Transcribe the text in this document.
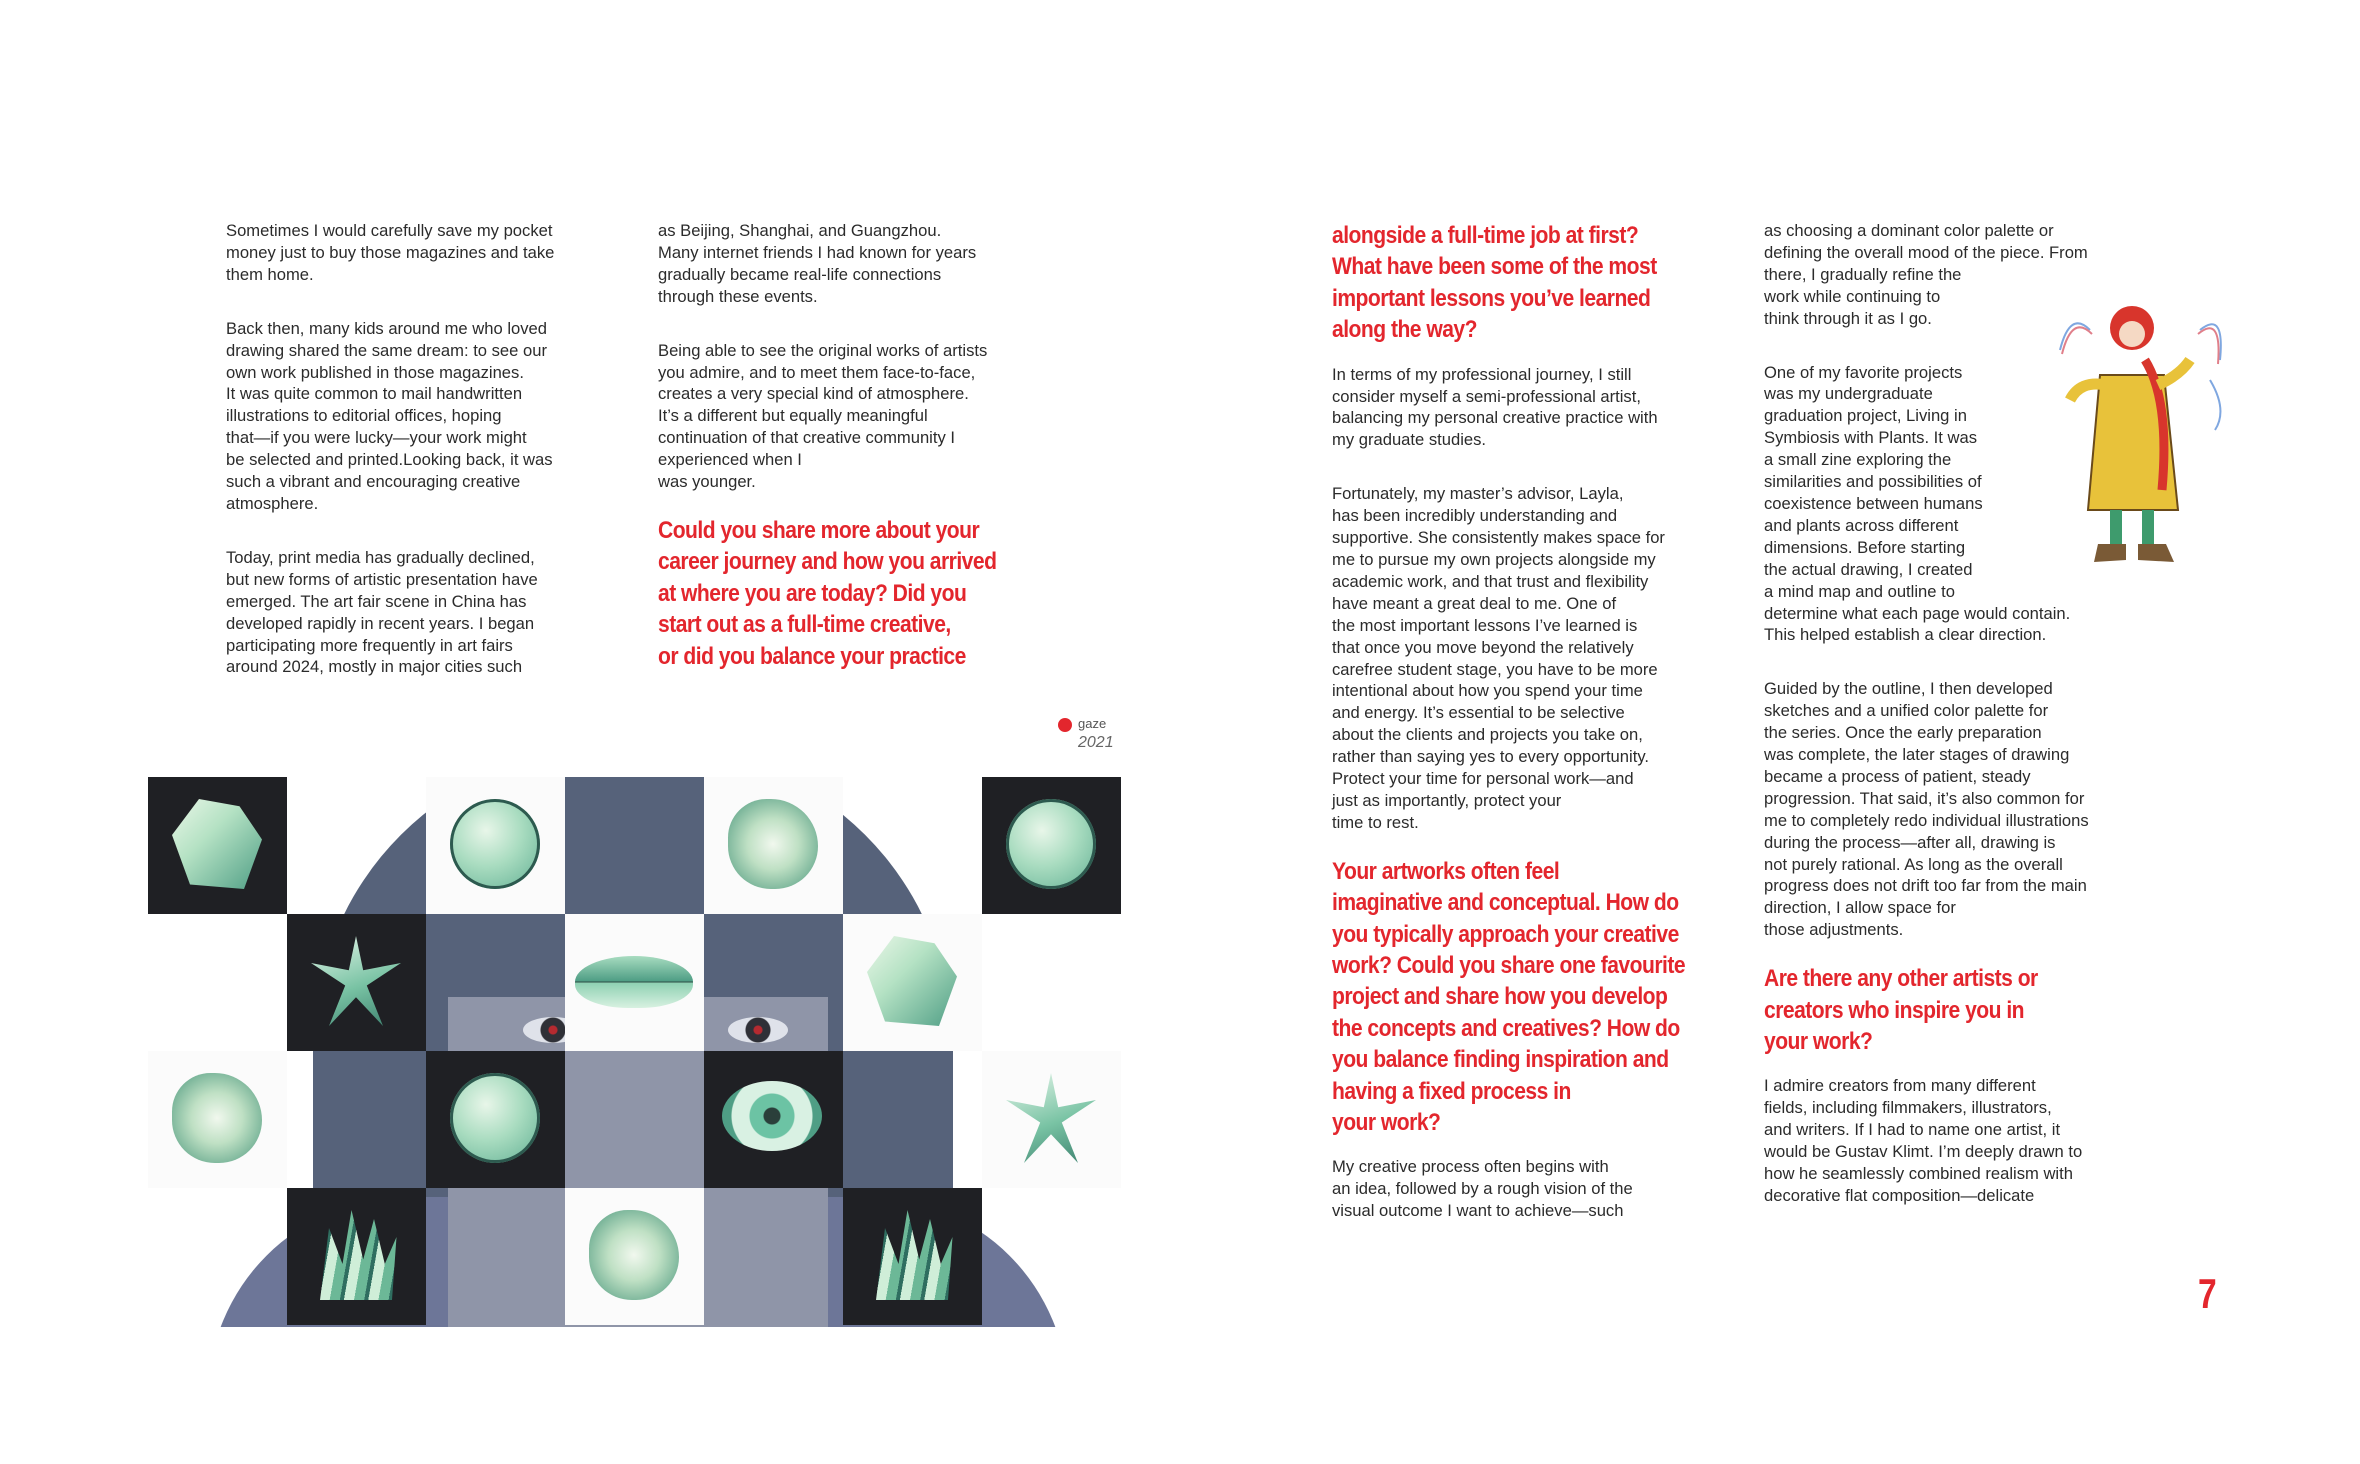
Sometimes I would carefully save my pocket
money just to buy those magazines and take
them home.

Back then, many kids around me who loved
drawing shared the same dream: to see our
own work published in those magazines.
It was quite common to mail handwritten
illustrations to editorial offices, hoping
that—if you were lucky—your work might
be selected and printed.Looking back, it was
such a vibrant and encouraging creative
atmosphere.

Today, print media has gradually declined,
but new forms of artistic presentation have
emerged. The art fair scene in China has
developed rapidly in recent years. I began
participating more frequently in art fairs
around 2024, mostly in major cities such

as Beijing, Shanghai, and Guangzhou.
Many internet friends I had known for years
gradually became real-life connections
through these events.

Being able to see the original works of artists
you admire, and to meet them face-to-face,
creates a very special kind of atmosphere.
It’s a different but equally meaningful
continuation of that creative community I
experienced when I
was younger.

Could you share more about your
career journey and how you arrived
at where you are today? Did you
start out as a full-time creative,
or did you balance your practice
gaze
2021
alongside a full-time job at first?
What have been some of the most
important lessons you’ve learned
along the way?

In terms of my professional journey, I still
consider myself a semi-professional artist,
balancing my personal creative practice with
my graduate studies.

Fortunately, my master’s advisor, Layla,
has been incredibly understanding and
supportive. She consistently makes space for
me to pursue my own projects alongside my
academic work, and that trust and flexibility
have meant a great deal to me. One of
the most important lessons I’ve learned is
that once you move beyond the relatively
carefree student stage, you have to be more
intentional about how you spend your time
and energy. It’s essential to be selective
about the clients and projects you take on,
rather than saying yes to every opportunity.
Protect your time for personal work—and
just as importantly, protect your
time to rest.

Your artworks often feel
imaginative and conceptual. How do
you typically approach your creative
work? Could you share one favourite
project and share how you develop
the concepts and creatives? How do
you balance finding inspiration and
having a fixed process in
your work?

My creative process often begins with
an idea, followed by a rough vision of the
visual outcome I want to achieve—such

as choosing a dominant color palette or
defining the overall mood of the piece. From
there, I gradually refine the
work while continuing to
think through it as I go.

One of my favorite projects
was my undergraduate
graduation project, Living in
Symbiosis with Plants. It was
a small zine exploring the
similarities and possibilities of
coexistence between humans
and plants across different
dimensions. Before starting
the actual drawing, I created
a mind map and outline to
determine what each page would contain.
This helped establish a clear direction.

Guided by the outline, I then developed
sketches and a unified color palette for
the series. Once the early preparation
was complete, the later stages of drawing
became a process of patient, steady
progression. That said, it’s also common for
me to completely redo individual illustrations
during the process—after all, drawing is
not purely rational. As long as the overall
progress does not drift too far from the main
direction, I allow space for
those adjustments.

Are there any other artists or
creators who inspire you in
your work?

I admire creators from many different
fields, including filmmakers, illustrators,
and writers. If I had to name one artist, it
would be Gustav Klimt. I’m deeply drawn to
how he seamlessly combined realism with
decorative flat composition—delicate

7
